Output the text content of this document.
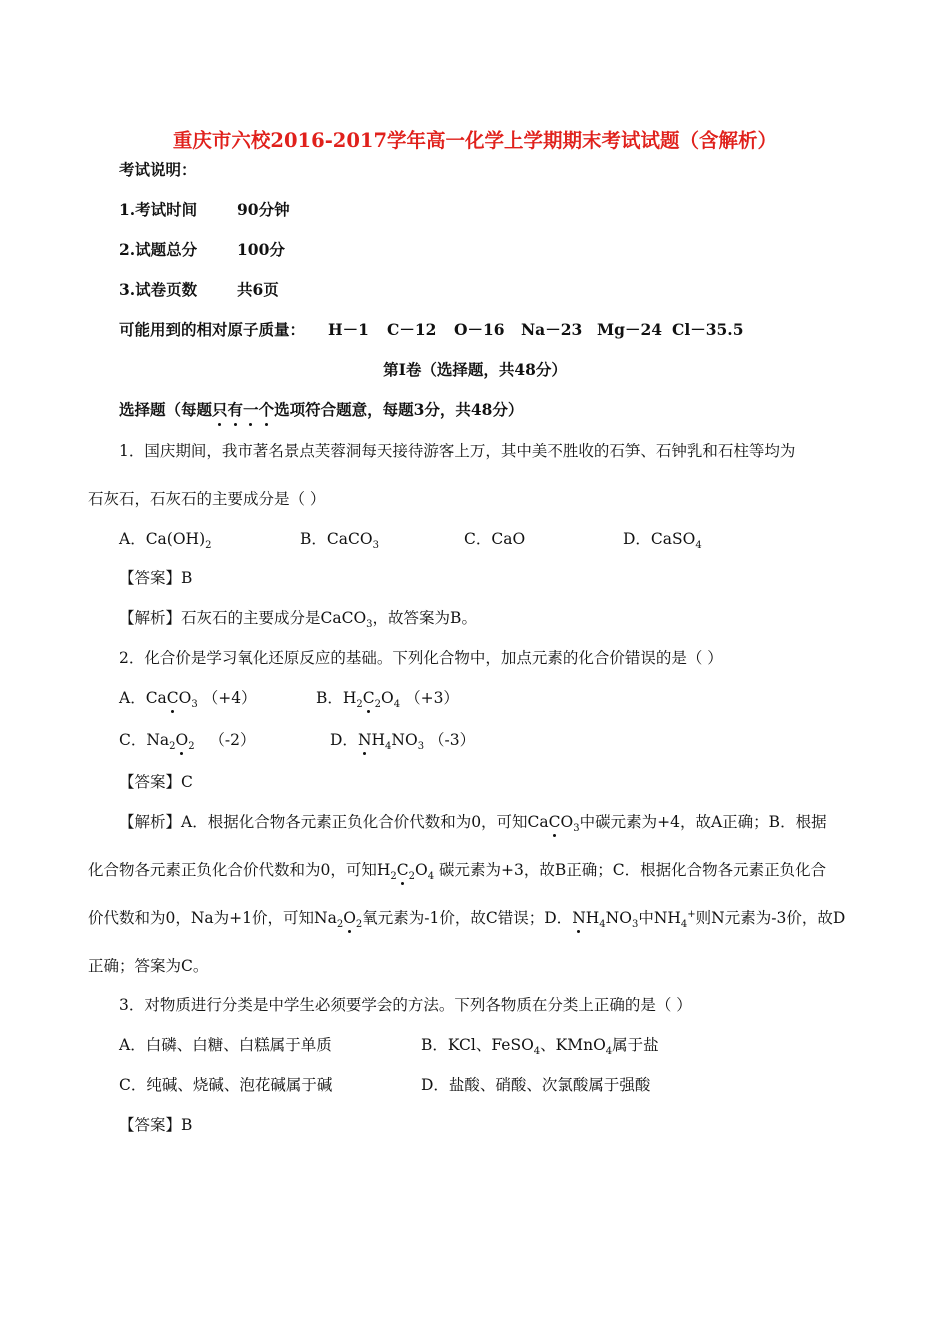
重庆市六校2016-2017学年高一化学上学期期末考试试题（含解析）
考试说明：
1.考试时间	90分钟
2.试题总分	100分
3.试卷页数	共6页
可能用到的相对原子质量： H－1 C－12 O－16 Na－23 Mg－24 Cl－35.5
第Ⅰ卷（选择题，共48分）
选择题（每题只有一个选项符合题意，每题3分，共48分）
1．国庆期间，我市著名景点芙蓉洞每天接待游客上万，其中美不胜收的石笋、石钟乳和石柱等均为
石灰石，石灰石的主要成分是（ ）
A．$Ca(OH)_2$	B．CaCO$_3$	C．CaO	D．CaSO$_4$
【答案】B
【解析】石灰石的主要成分是CaCO$_3$，故答案为B。
2．化合价是学习氧化还原反应的基础。下列化合物中，加点元素的化合价错误的是（ ）
A．CaCO$_3$ （+4）	B．$H_2C_2O_4$ （+3）
C．$Na_2O_2$ （-2）	D．$NH_4NO_3$ （-3）
【答案】C
【解析】A．根据化合物各元素正负化合价代数和为0，可知CaCO$_3$中碳元素为+4，故A正确；B．根据
化合物各元素正负化合价代数和为0，可知$H_2C_2O_4$ 碳元素为+3，故B正确；C．根据化合物各元素正负化合
价代数和为0，Na为+1价，可知$Na_2O_2$氧元素为-1价，故C错误；D．$NH_4NO_3$中$NH_4^+$则N元素为-3价，故D
正确；答案为C。
3．对物质进行分类是中学生必须要学会的方法。下列各物质在分类上正确的是（ ）
A．白磷、白糖、白糕属于单质	B．KCl、FeSO$_4$、KMnO$_4$属于盐
C．纯碱、烧碱、泡花碱属于碱	D．盐酸、硝酸、次氯酸属于强酸
【答案】B
